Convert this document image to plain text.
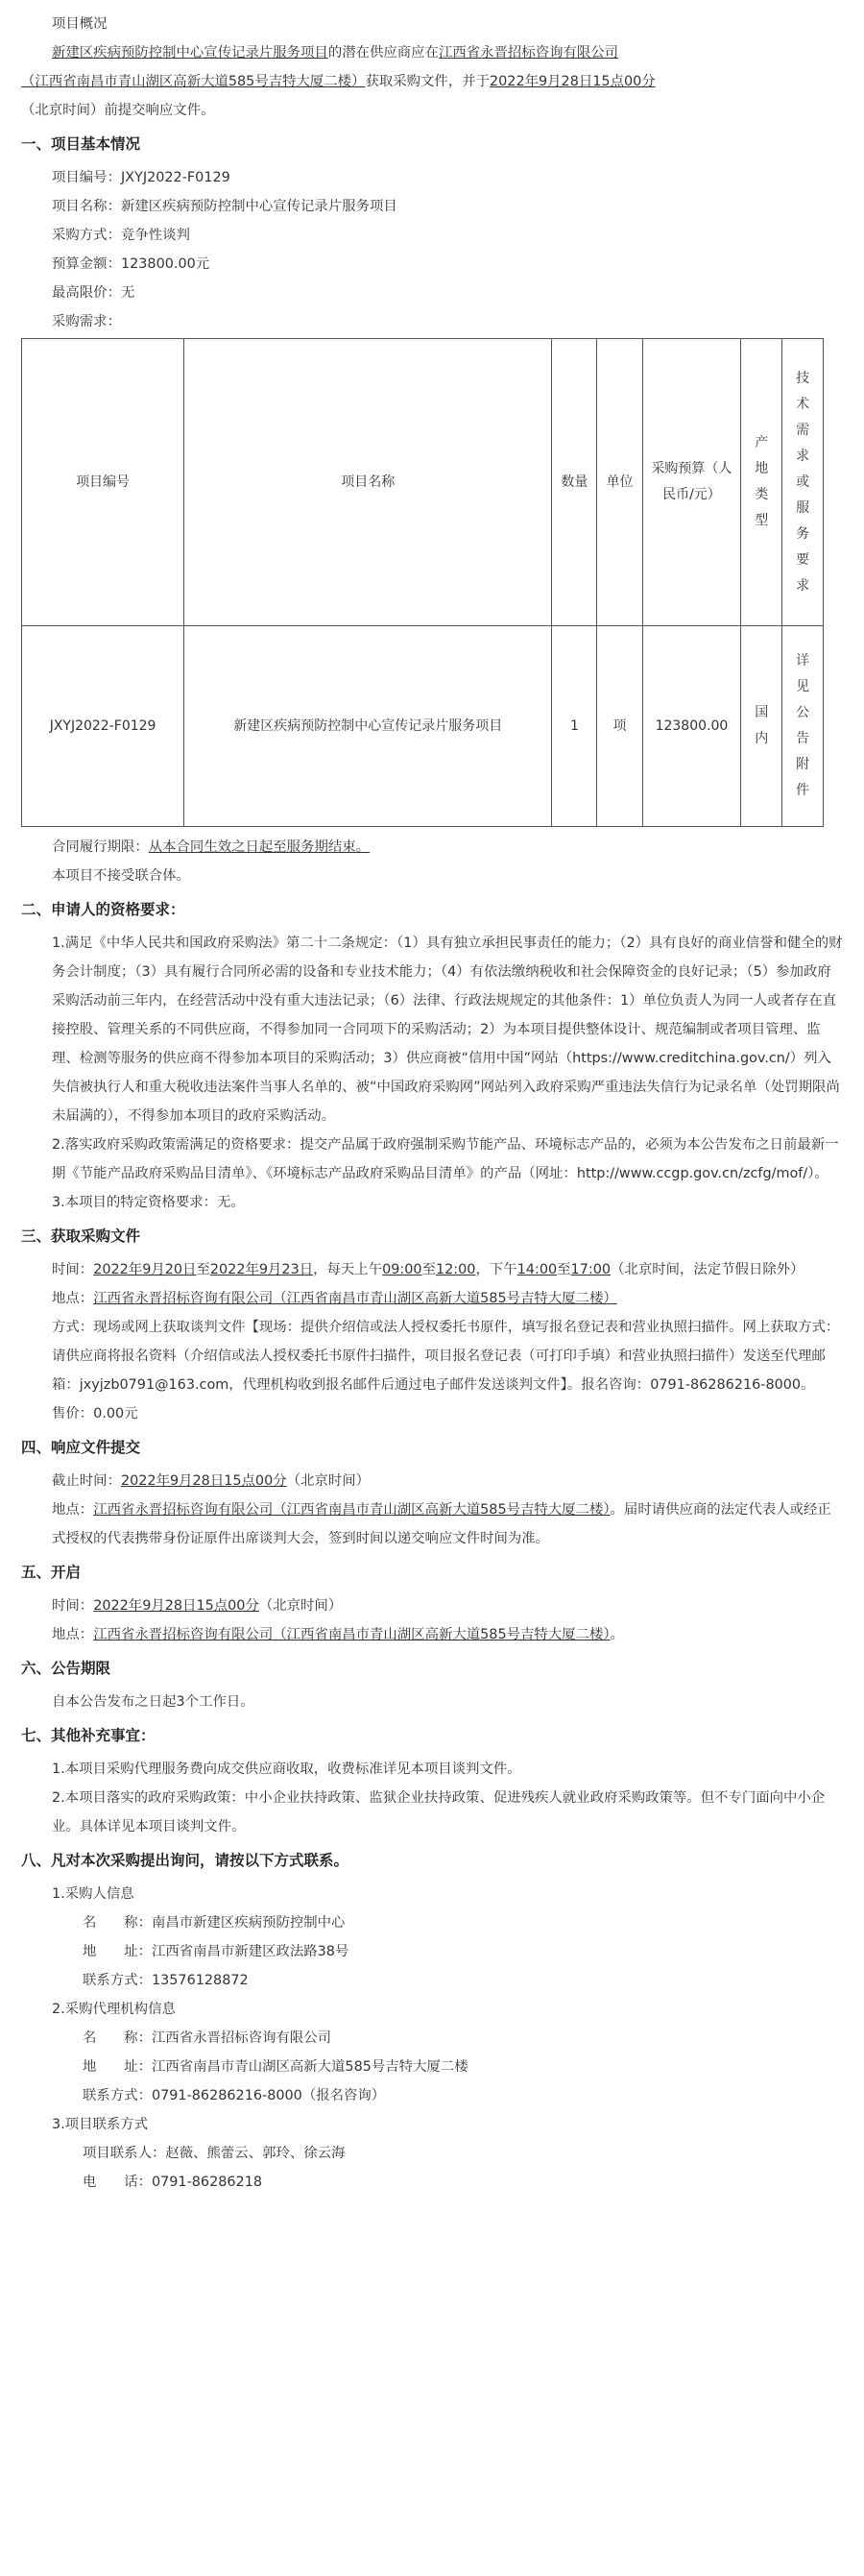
项目概况

新建区疾病预防控制中心宣传记录片服务项目的潜在供应商应在江西省永晋招标咨询有限公司

（江西省南昌市青山湖区高新大道585号吉特大厦二楼）获取采购文件，并于2022年9月28日15点00分

（北京时间）前提交响应文件。

一、项目基本情况

项目编号：JXYJ2022-F0129

项目名称：新建区疾病预防控制中心宣传记录片服务项目

采购方式：竞争性谈判

预算金额：123800.00元

最高限价：无

采购需求：

项目编号	项目名称	数量	单位	采购预算（人民币/元）	产地类型	技术需求或服务要求
JXYJ2022-F0129	新建区疾病预防控制中心宣传记录片服务项目	1	项	123800.00	国内	详见公告附件

合同履行期限：从本合同生效之日起至服务期结束。

本项目不接受联合体。

二、申请人的资格要求：

1.满足《中华人民共和国政府采购法》第二十二条规定：（1）具有独立承担民事责任的能力；（2）具有良好的商业信誉和健全的财务会计制度；（3）具有履行合同所必需的设备和专业技术能力；（4）有依法缴纳税收和社会保障资金的良好记录；（5）参加政府采购活动前三年内，在经营活动中没有重大违法记录；（6）法律、行政法规规定的其他条件：1）单位负责人为同一人或者存在直接控股、管理关系的不同供应商，不得参加同一合同项下的采购活动；2）为本项目提供整体设计、规范编制或者项目管理、监理、检测等服务的供应商不得参加本项目的采购活动；3）供应商被“信用中国”网站（https://www.creditchina.gov.cn/）列入失信被执行人和重大税收违法案件当事人名单的、被“中国政府采购网”网站列入政府采购严重违法失信行为记录名单（处罚期限尚未届满的），不得参加本项目的政府采购活动。

2.落实政府采购政策需满足的资格要求：提交产品属于政府强制采购节能产品、环境标志产品的，必须为本公告发布之日前最新一期《节能产品政府采购品目清单》、《环境标志产品政府采购品目清单》的产品（网址：http://www.ccgp.gov.cn/zcfg/mof/）。

3.本项目的特定资格要求：无。

三、获取采购文件

时间：2022年9月20日至2022年9月23日，每天上午09:00至12:00，下午14:00至17:00（北京时间，法定节假日除外）

地点：江西省永晋招标咨询有限公司（江西省南昌市青山湖区高新大道585号吉特大厦二楼）

方式：现场或网上获取谈判文件【现场：提供介绍信或法人授权委托书原件，填写报名登记表和营业执照扫描件。网上获取方式：请供应商将报名资料（介绍信或法人授权委托书原件扫描件，项目报名登记表（可打印手填）和营业执照扫描件）发送至代理邮箱：jxyjzb0791@163.com，代理机构收到报名邮件后通过电子邮件发送谈判文件】。报名咨询：0791-86286216-8000。

售价：0.00元

四、响应文件提交

截止时间：2022年9月28日15点00分（北京时间）

地点：江西省永晋招标咨询有限公司（江西省南昌市青山湖区高新大道585号吉特大厦二楼）。届时请供应商的法定代表人或经正式授权的代表携带身份证原件出席谈判大会，签到时间以递交响应文件时间为准。

五、开启

时间：2022年9月28日15点00分（北京时间）

地点：江西省永晋招标咨询有限公司（江西省南昌市青山湖区高新大道585号吉特大厦二楼）。

六、公告期限

自本公告发布之日起3个工作日。

七、其他补充事宜：

1.本项目采购代理服务费向成交供应商收取，收费标准详见本项目谈判文件。

2.本项目落实的政府采购政策：中小企业扶持政策、监狱企业扶持政策、促进残疾人就业政府采购政策等。但不专门面向中小企业。具体详见本项目谈判文件。

八、凡对本次采购提出询问，请按以下方式联系。

1.采购人信息

名　　称：南昌市新建区疾病预防控制中心

地　　址：江西省南昌市新建区政法路38号

联系方式：13576128872

2.采购代理机构信息

名　　称：江西省永晋招标咨询有限公司

地　　址：江西省南昌市青山湖区高新大道585号吉特大厦二楼

联系方式：0791-86286216-8000（报名咨询）

3.项目联系方式

项目联系人：赵薇、熊蕾云、郭玲、徐云海

电　　话：0791-86286218
